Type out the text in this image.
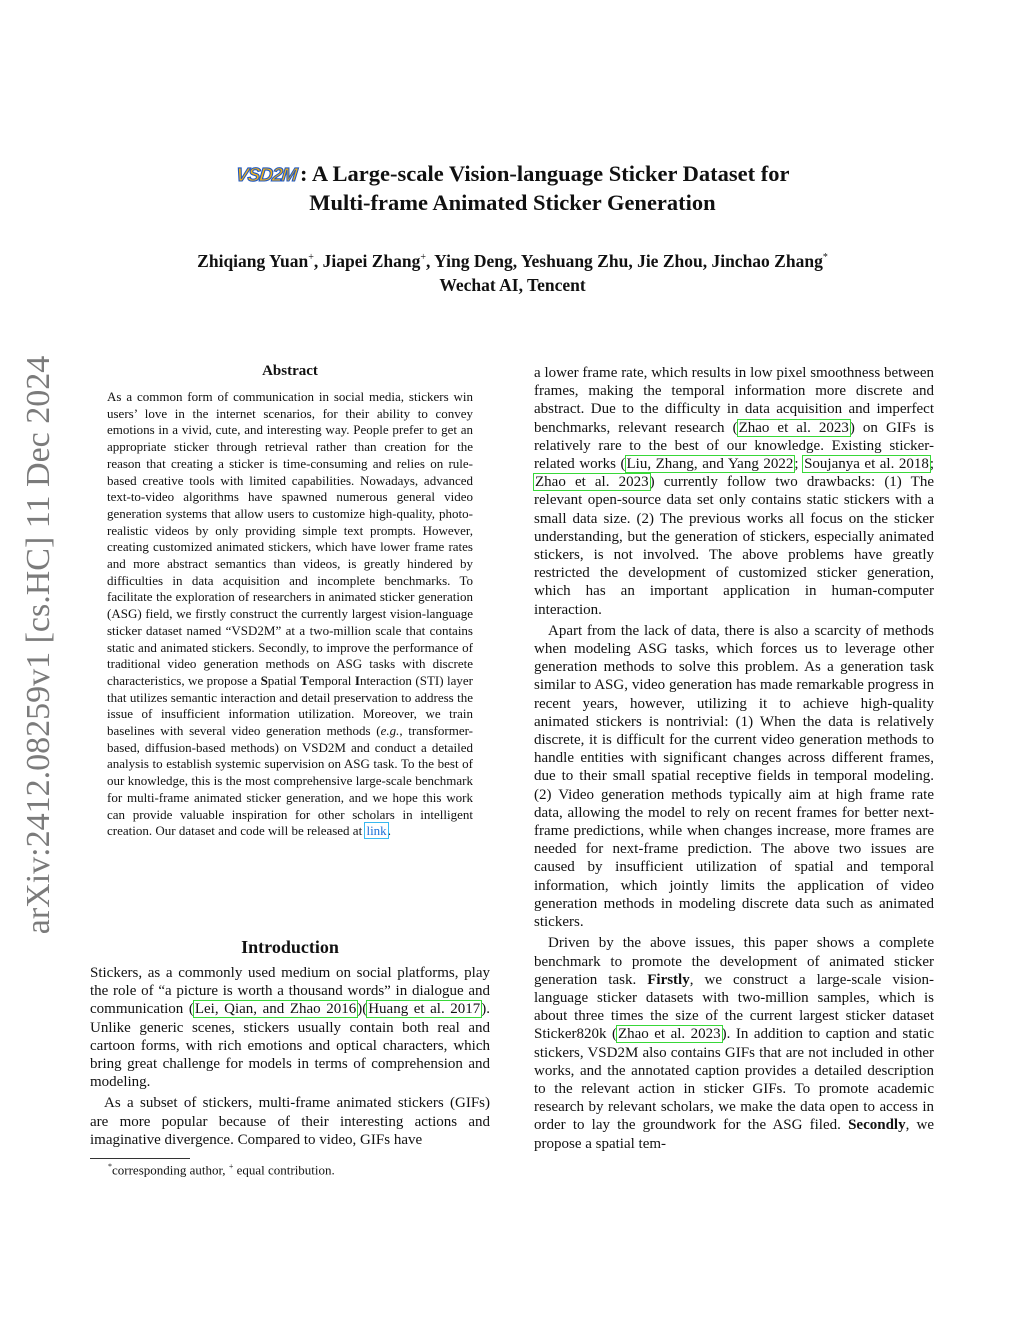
arXiv:2412.08259v1 [cs.HC] 11 Dec 2024
VSD2M : A Large-scale Vision-language Sticker Dataset for
Multi-frame Animated Sticker Generation
Zhiqiang Yuan+, Jiapei Zhang+, Ying Deng, Yeshuang Zhu, Jie Zhou, Jinchao Zhang*
Wechat AI, Tencent
Abstract

As a common form of communication in social media, stickers win users’ love in the internet scenarios, for their ability to convey emotions in a vivid, cute, and interesting way. People prefer to get an appropriate sticker through retrieval rather than creation for the reason that creating a sticker is time-consuming and relies on rule-based creative tools with limited capabilities. Nowadays, advanced text-to-video algorithms have spawned numerous general video generation systems that allow users to customize high-quality, photo-realistic videos by only providing simple text prompts. However, creating customized animated stickers, which have lower frame rates and more abstract semantics than videos, is greatly hindered by difficulties in data acquisition and incomplete benchmarks. To facilitate the exploration of researchers in animated sticker generation (ASG) field, we firstly construct the currently largest vision-language sticker dataset named “VSD2M” at a two-million scale that contains static and animated stickers. Secondly, to improve the performance of traditional video generation methods on ASG tasks with discrete characteristics, we propose a Spatial Temporal Interaction (STI) layer that utilizes semantic interaction and detail preservation to address the issue of insufficient information utilization. Moreover, we train baselines with several video generation methods (e.g., transformer-based, diffusion-based methods) on VSD2M and conduct a detailed analysis to establish systemic supervision on ASG task. To the best of our knowledge, this is the most comprehensive large-scale benchmark for multi-frame animated sticker generation, and we hope this work can provide valuable inspiration for other scholars in intelligent creation. Our dataset and code will be released at link.

Introduction

Stickers, as a commonly used medium on social platforms, play the role of “a picture is worth a thousand words” in dialogue and communication (Lei, Qian, and Zhao 2016)(Huang et al. 2017). Unlike generic scenes, stickers usually contain both real and cartoon forms, with rich emotions and optical characters, which bring great challenge for models in terms of comprehension and modeling.

As a subset of stickers, multi-frame animated stickers (GIFs) are more popular because of their interesting actions and imaginative divergence. Compared to video, GIFs have

*corresponding author, + equal contribution.

a lower frame rate, which results in low pixel smoothness between frames, making the temporal information more discrete and abstract. Due to the difficulty in data acquisition and imperfect benchmarks, relevant research (Zhao et al. 2023) on GIFs is relatively rare to the best of our knowledge. Existing sticker-related works (Liu, Zhang, and Yang 2022; Soujanya et al. 2018; Zhao et al. 2023) currently follow two drawbacks: (1) The relevant open-source data set only contains static stickers with a small data size. (2) The previous works all focus on the sticker understanding, but the generation of stickers, especially animated stickers, is not involved. The above problems have greatly restricted the development of customized sticker generation, which has an important application in human-computer interaction.

Apart from the lack of data, there is also a scarcity of methods when modeling ASG tasks, which forces us to leverage other generation methods to solve this problem. As a generation task similar to ASG, video generation has made remarkable progress in recent years, however, utilizing it to achieve high-quality animated stickers is nontrivial: (1) When the data is relatively discrete, it is difficult for the current video generation methods to handle entities with significant changes across different frames, due to their small spatial receptive fields in temporal modeling. (2) Video generation methods typically aim at high frame rate data, allowing the model to rely on recent frames for better next-frame predictions, while when changes increase, more frames are needed for next-frame prediction. The above two issues are caused by insufficient utilization of spatial and temporal information, which jointly limits the application of video generation methods in modeling discrete data such as animated stickers.

Driven by the above issues, this paper shows a complete benchmark to promote the development of animated sticker generation task. Firstly, we construct a large-scale vision-language sticker datasets with two-million samples, which is about three times the size of the current largest sticker dataset Sticker820k (Zhao et al. 2023). In addition to caption and static stickers, VSD2M also contains GIFs that are not included in other works, and the annotated caption provides a detailed description to the relevant action in sticker GIFs. To promote academic research by relevant scholars, we make the data open to access in order to lay the groundwork for the ASG filed. Secondly, we propose a spatial tem-
